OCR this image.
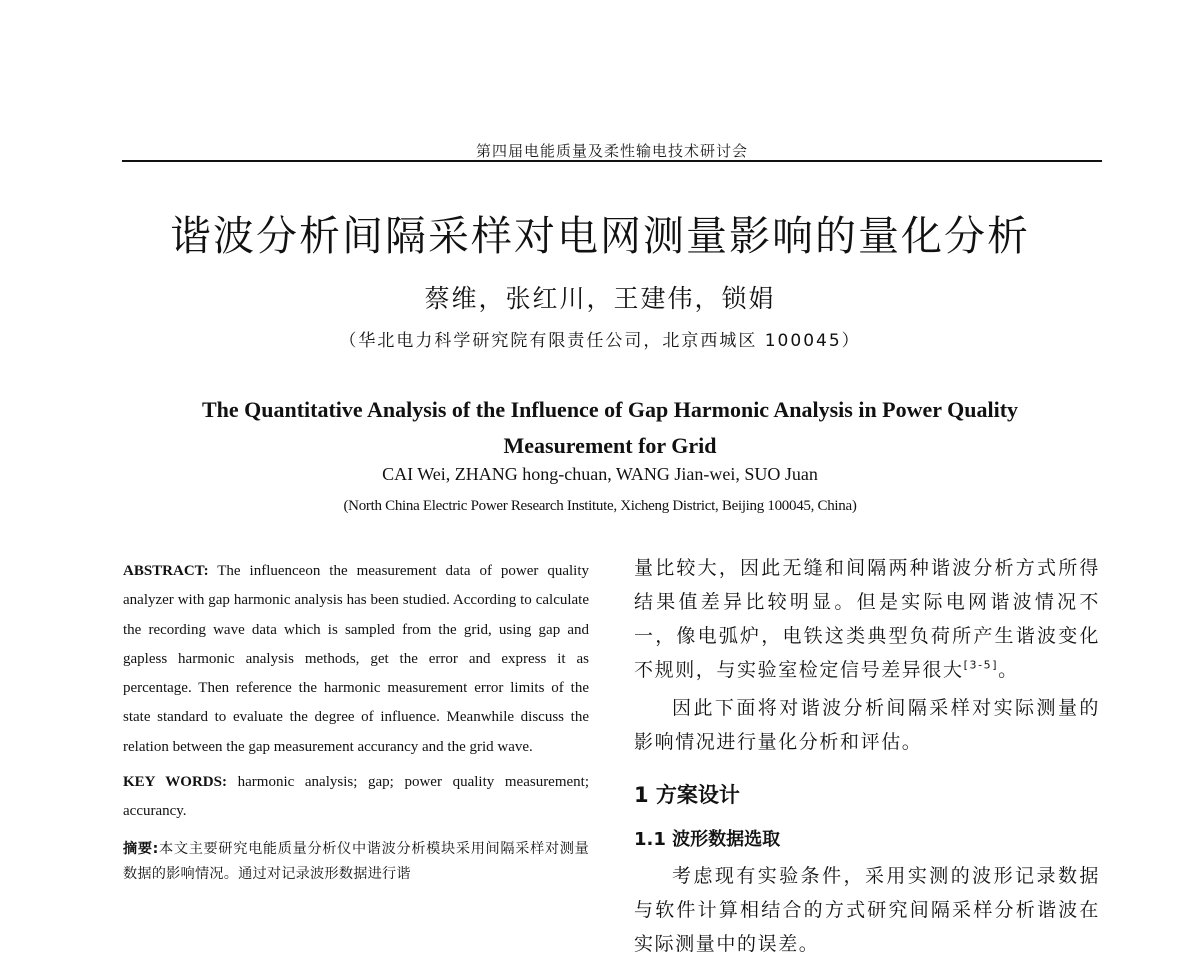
第四届电能质量及柔性输电技术研讨会
谐波分析间隔采样对电网测量影响的量化分析
蔡维，张红川，王建伟，锁娟
（华北电力科学研究院有限责任公司，北京西城区 100045）
The Quantitative Analysis of the Influence of Gap Harmonic Analysis in Power Quality
Measurement for Grid
CAI Wei, ZHANG hong-chuan, WANG Jian-wei, SUO Juan
(North China Electric Power Research Institute, Xicheng District, Beijing 100045, China)

ABSTRACT: The influenceon the measurement data of power quality analyzer with gap harmonic analysis has been studied. According to calculate the recording wave data which is sampled from the grid, using gap and gapless harmonic analysis methods, get the error and express it as percentage. Then reference the harmonic measurement error limits of the state standard to evaluate the degree of influence. Meanwhile discuss the relation between the gap measurement accurancy and the grid wave.

KEY WORDS: harmonic analysis; gap; power quality measurement; accurancy.

摘要:本文主要研究电能质量分析仪中谐波分析模块采用间隔采样对测量数据的影响情况。通过对记录波形数据进行谐

量比较大，因此无缝和间隔两种谐波分析方式所得结果值差异比较明显。但是实际电网谐波情况不一，像电弧炉，电铁这类典型负荷所产生谐波变化不规则，与实验室检定信号差异很大[3-5]。

因此下面将对谐波分析间隔采样对实际测量的影响情况进行量化分析和评估。

1 方案设计
1.1 波形数据选取

考虑现有实验条件，采用实测的波形记录数据与软件计算相结合的方式研究间隔采样分析谐波在实际测量中的误差。
